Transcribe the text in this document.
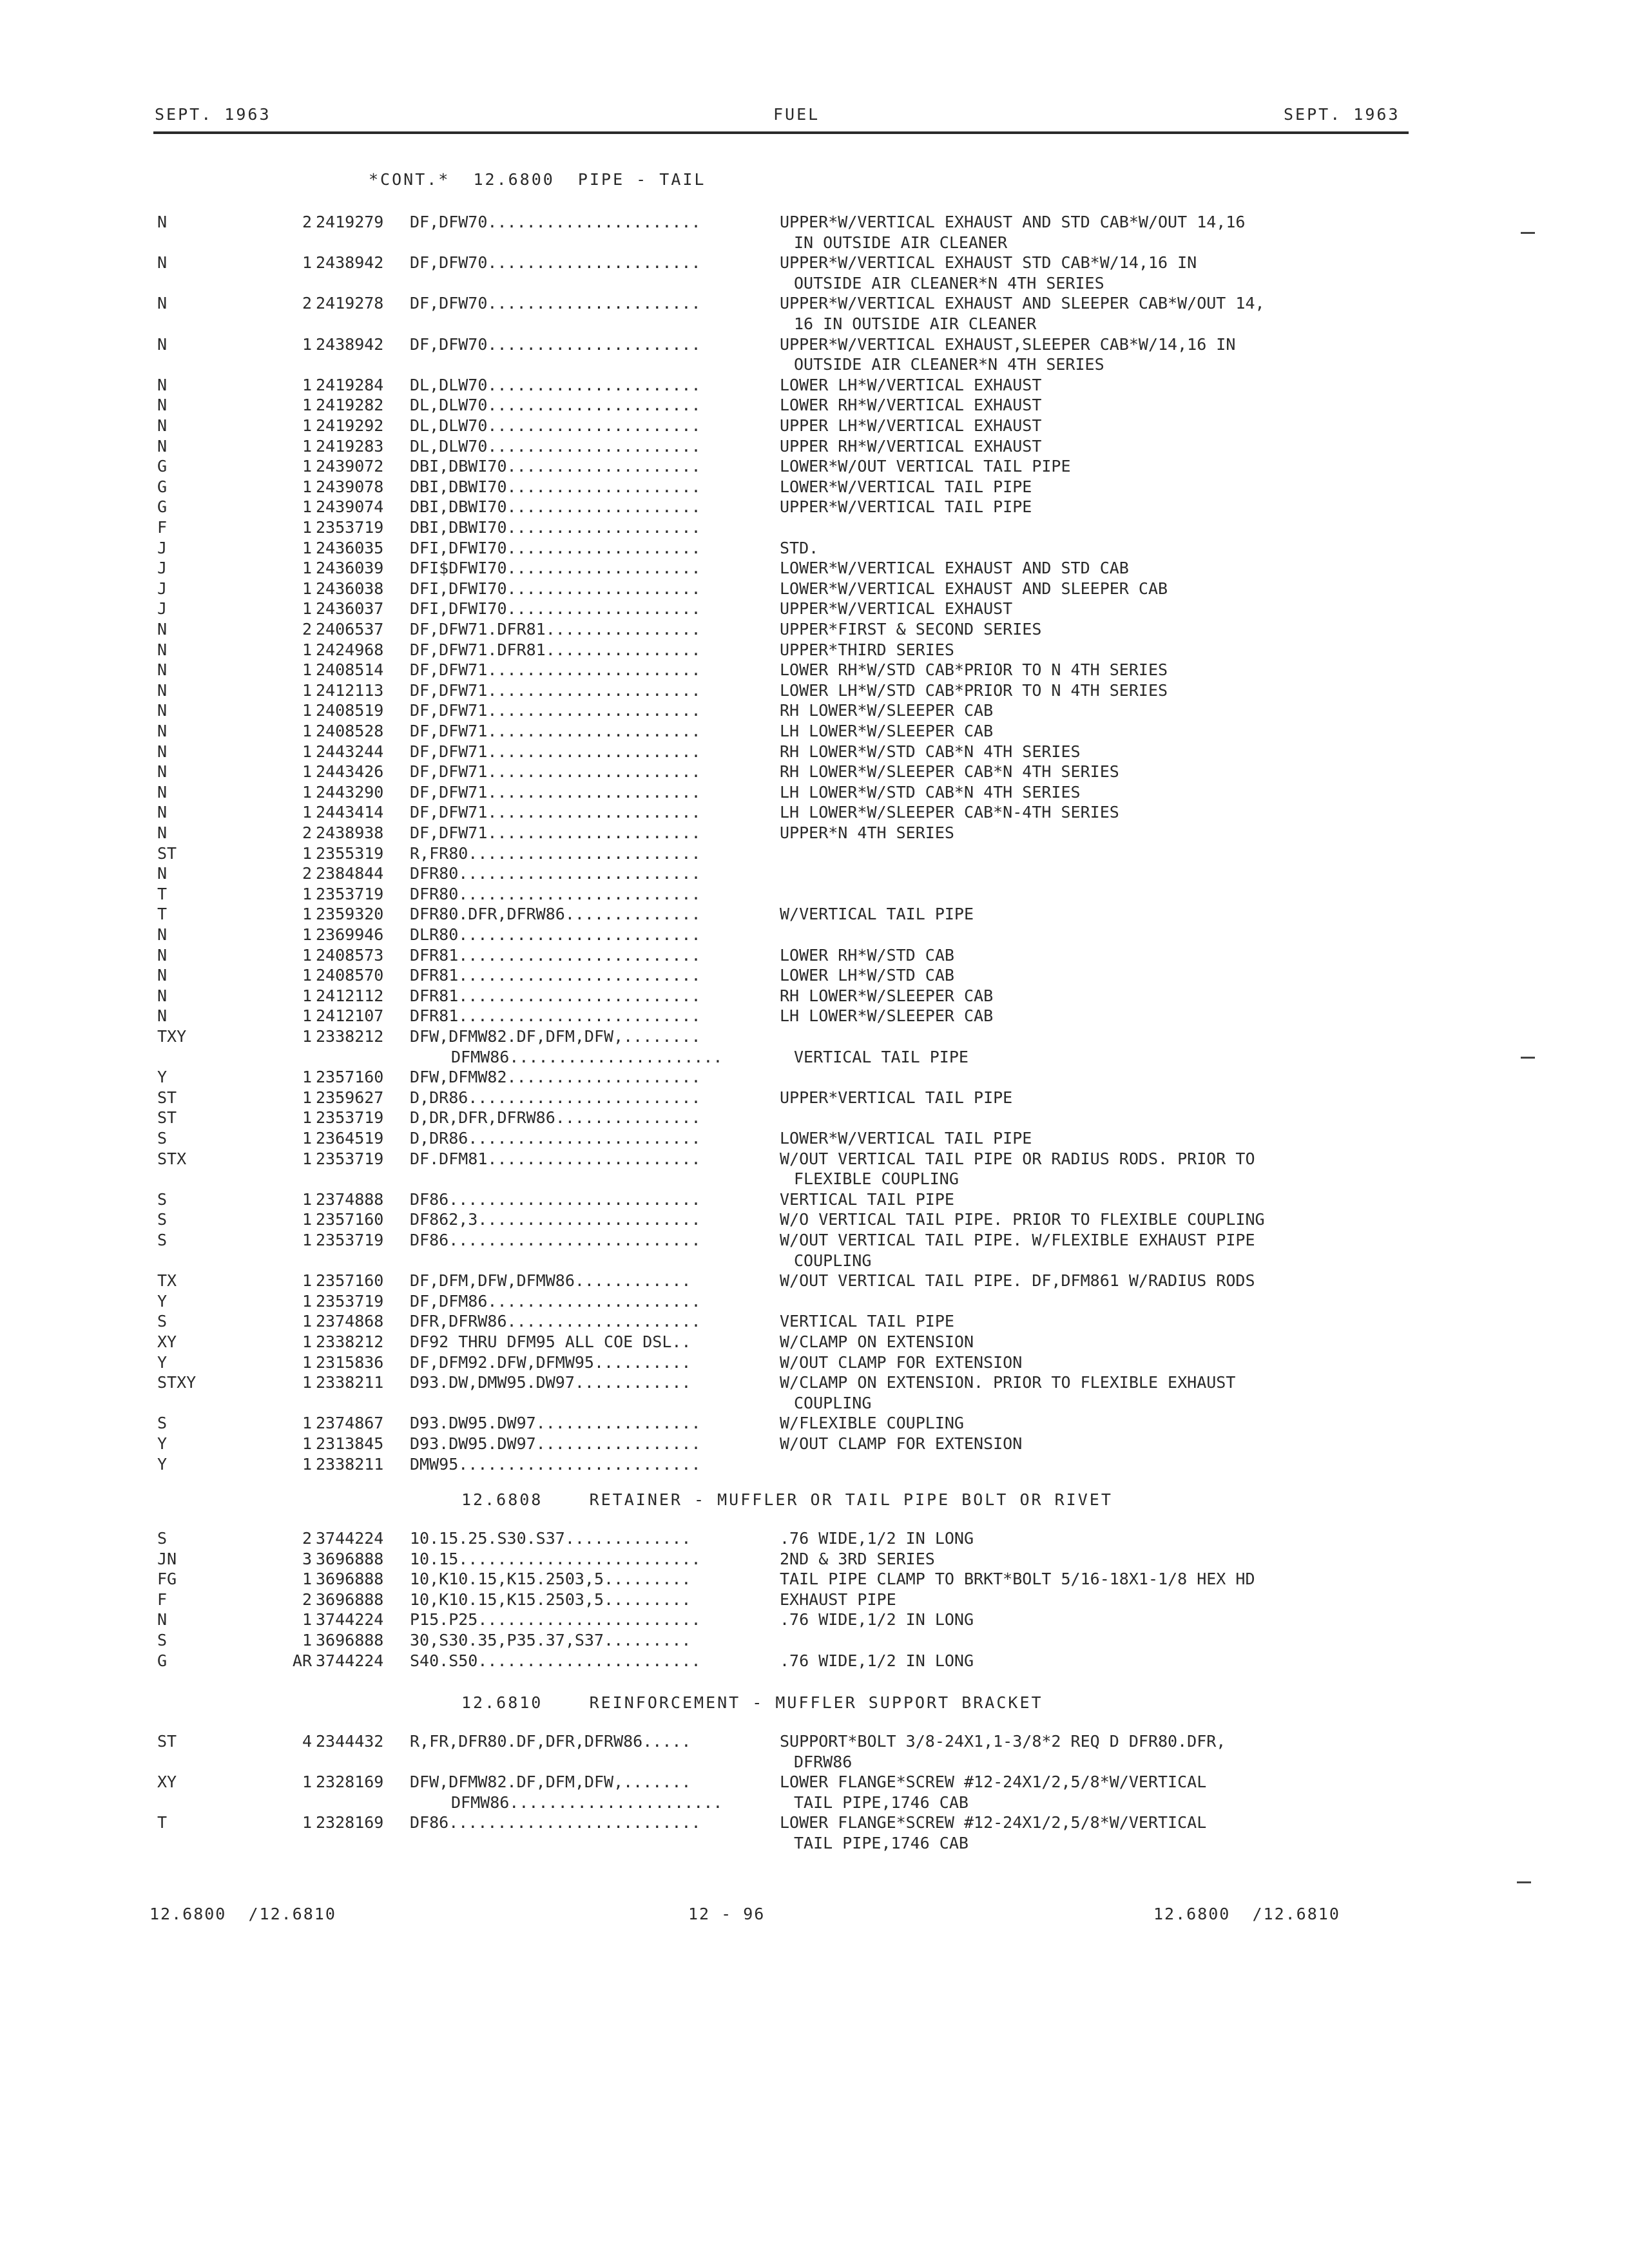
SEPT. 1963	FUEL	SEPT. 1963
*CONT.*  12.6800  PIPE - TAIL
N	2 2419279 DF,DFW70......................	UPPER*W/VERTICAL EXHAUST AND STD CAB*W/OUT 14,16
IN OUTSIDE AIR CLEANER
N	1 2438942 DF,DFW70......................	UPPER*W/VERTICAL EXHAUST STD CAB*W/14,16 IN
OUTSIDE AIR CLEANER*N 4TH SERIES
N	2 2419278 DF,DFW70......................	UPPER*W/VERTICAL EXHAUST AND SLEEPER CAB*W/OUT 14,
16 IN OUTSIDE AIR CLEANER
N	1 2438942 DF,DFW70......................	UPPER*W/VERTICAL EXHAUST,SLEEPER CAB*W/14,16 IN
OUTSIDE AIR CLEANER*N 4TH SERIES
N	1 2419284 DL,DLW70......................	LOWER LH*W/VERTICAL EXHAUST
N	1 2419282 DL,DLW70......................	LOWER RH*W/VERTICAL EXHAUST
N	1 2419292 DL,DLW70......................	UPPER LH*W/VERTICAL EXHAUST
N	1 2419283 DL,DLW70......................	UPPER RH*W/VERTICAL EXHAUST
G	1 2439072 DBI,DBWI70....................	LOWER*W/OUT VERTICAL TAIL PIPE
G	1 2439078 DBI,DBWI70....................	LOWER*W/VERTICAL TAIL PIPE
G	1 2439074 DBI,DBWI70....................	UPPER*W/VERTICAL TAIL PIPE
F	1 2353719 DBI,DBWI70....................
J	1 2436035 DFI,DFWI70....................	STD.
J	1 2436039 DFI$DFWI70....................	LOWER*W/VERTICAL EXHAUST AND STD CAB
J	1 2436038 DFI,DFWI70....................	LOWER*W/VERTICAL EXHAUST AND SLEEPER CAB
J	1 2436037 DFI,DFWI70....................	UPPER*W/VERTICAL EXHAUST
N	2 2406537 DF,DFW71.DFR81................	UPPER*FIRST & SECOND SERIES
N	1 2424968 DF,DFW71.DFR81................	UPPER*THIRD SERIES
N	1 2408514 DF,DFW71......................	LOWER RH*W/STD CAB*PRIOR TO N 4TH SERIES
N	1 2412113 DF,DFW71......................	LOWER LH*W/STD CAB*PRIOR TO N 4TH SERIES
N	1 2408519 DF,DFW71......................	RH LOWER*W/SLEEPER CAB
N	1 2408528 DF,DFW71......................	LH LOWER*W/SLEEPER CAB
N	1 2443244 DF,DFW71......................	RH LOWER*W/STD CAB*N 4TH SERIES
N	1 2443426 DF,DFW71......................	RH LOWER*W/SLEEPER CAB*N 4TH SERIES
N	1 2443290 DF,DFW71......................	LH LOWER*W/STD CAB*N 4TH SERIES
N	1 2443414 DF,DFW71......................	LH LOWER*W/SLEEPER CAB*N-4TH SERIES
N	2 2438938 DF,DFW71......................	UPPER*N 4TH SERIES
ST	1 2355319 R,FR80........................
N	2 2384844 DFR80.........................
T	1 2353719 DFR80.........................
T	1 2359320 DFR80.DFR,DFRW86..............	W/VERTICAL TAIL PIPE
N	1 2369946 DLR80.........................
N	1 2408573 DFR81.........................	LOWER RH*W/STD CAB
N	1 2408570 DFR81.........................	LOWER LH*W/STD CAB
N	1 2412112 DFR81.........................	RH LOWER*W/SLEEPER CAB
N	1 2412107 DFR81.........................	LH LOWER*W/SLEEPER CAB
TXY	1 2338212 DFW,DFMW82.DF,DFM,DFW,........
DFMW86......................	VERTICAL TAIL PIPE
Y	1 2357160 DFW,DFMW82....................
ST	1 2359627 D,DR86........................	UPPER*VERTICAL TAIL PIPE
ST	1 2353719 D,DR,DFR,DFRW86...............
S	1 2364519 D,DR86........................	LOWER*W/VERTICAL TAIL PIPE
STX	1 2353719 DF.DFM81......................	W/OUT VERTICAL TAIL PIPE OR RADIUS RODS. PRIOR TO
FLEXIBLE COUPLING
S	1 2374888 DF86..........................	VERTICAL TAIL PIPE
S	1 2357160 DF862,3.......................	W/O VERTICAL TAIL PIPE. PRIOR TO FLEXIBLE COUPLING
S	1 2353719 DF86..........................	W/OUT VERTICAL TAIL PIPE. W/FLEXIBLE EXHAUST PIPE
COUPLING
TX	1 2357160 DF,DFM,DFW,DFMW86............	W/OUT VERTICAL TAIL PIPE. DF,DFM861 W/RADIUS RODS
Y	1 2353719 DF,DFM86......................
S	1 2374868 DFR,DFRW86....................	VERTICAL TAIL PIPE
XY	1 2338212 DF92 THRU DFM95 ALL COE DSL..	W/CLAMP ON EXTENSION
Y	1 2315836 DF,DFM92.DFW,DFMW95..........	W/OUT CLAMP FOR EXTENSION
STXY	1 2338211 D93.DW,DMW95.DW97............	W/CLAMP ON EXTENSION. PRIOR TO FLEXIBLE EXHAUST
COUPLING
S	1 2374867 D93.DW95.DW97.................	W/FLEXIBLE COUPLING
Y	1 2313845 D93.DW95.DW97.................	W/OUT CLAMP FOR EXTENSION
Y	1 2338211 DMW95.........................
12.6808    RETAINER - MUFFLER OR TAIL PIPE BOLT OR RIVET
S	2 3744224 10.15.25.S30.S37.............	.76 WIDE,1/2 IN LONG
JN	3 3696888 10.15.........................	2ND & 3RD SERIES
FG	1 3696888 10,K10.15,K15.2503,5.........	TAIL PIPE CLAMP TO BRKT*BOLT 5/16-18X1-1/8 HEX HD
F	2 3696888 10,K10.15,K15.2503,5.........	EXHAUST PIPE
N	1 3744224 P15.P25.......................	.76 WIDE,1/2 IN LONG
S	1 3696888 30,S30.35,P35.37,S37.........
G	AR 3744224 S40.S50.......................	.76 WIDE,1/2 IN LONG
12.6810    REINFORCEMENT - MUFFLER SUPPORT BRACKET
ST	4 2344432 R,FR,DFR80.DF,DFR,DFRW86.....	SUPPORT*BOLT 3/8-24X1,1-3/8*2 REQ D DFR80.DFR,
DFRW86
XY	1 2328169 DFW,DFMW82.DF,DFM,DFW,.......	LOWER FLANGE*SCREW #12-24X1/2,5/8*W/VERTICAL
DFMW86......................	TAIL PIPE,1746 CAB
T	1 2328169 DF86..........................	LOWER FLANGE*SCREW #12-24X1/2,5/8*W/VERTICAL
TAIL PIPE,1746 CAB
12.6800  /12.6810	12 - 96	12.6800  /12.6810
